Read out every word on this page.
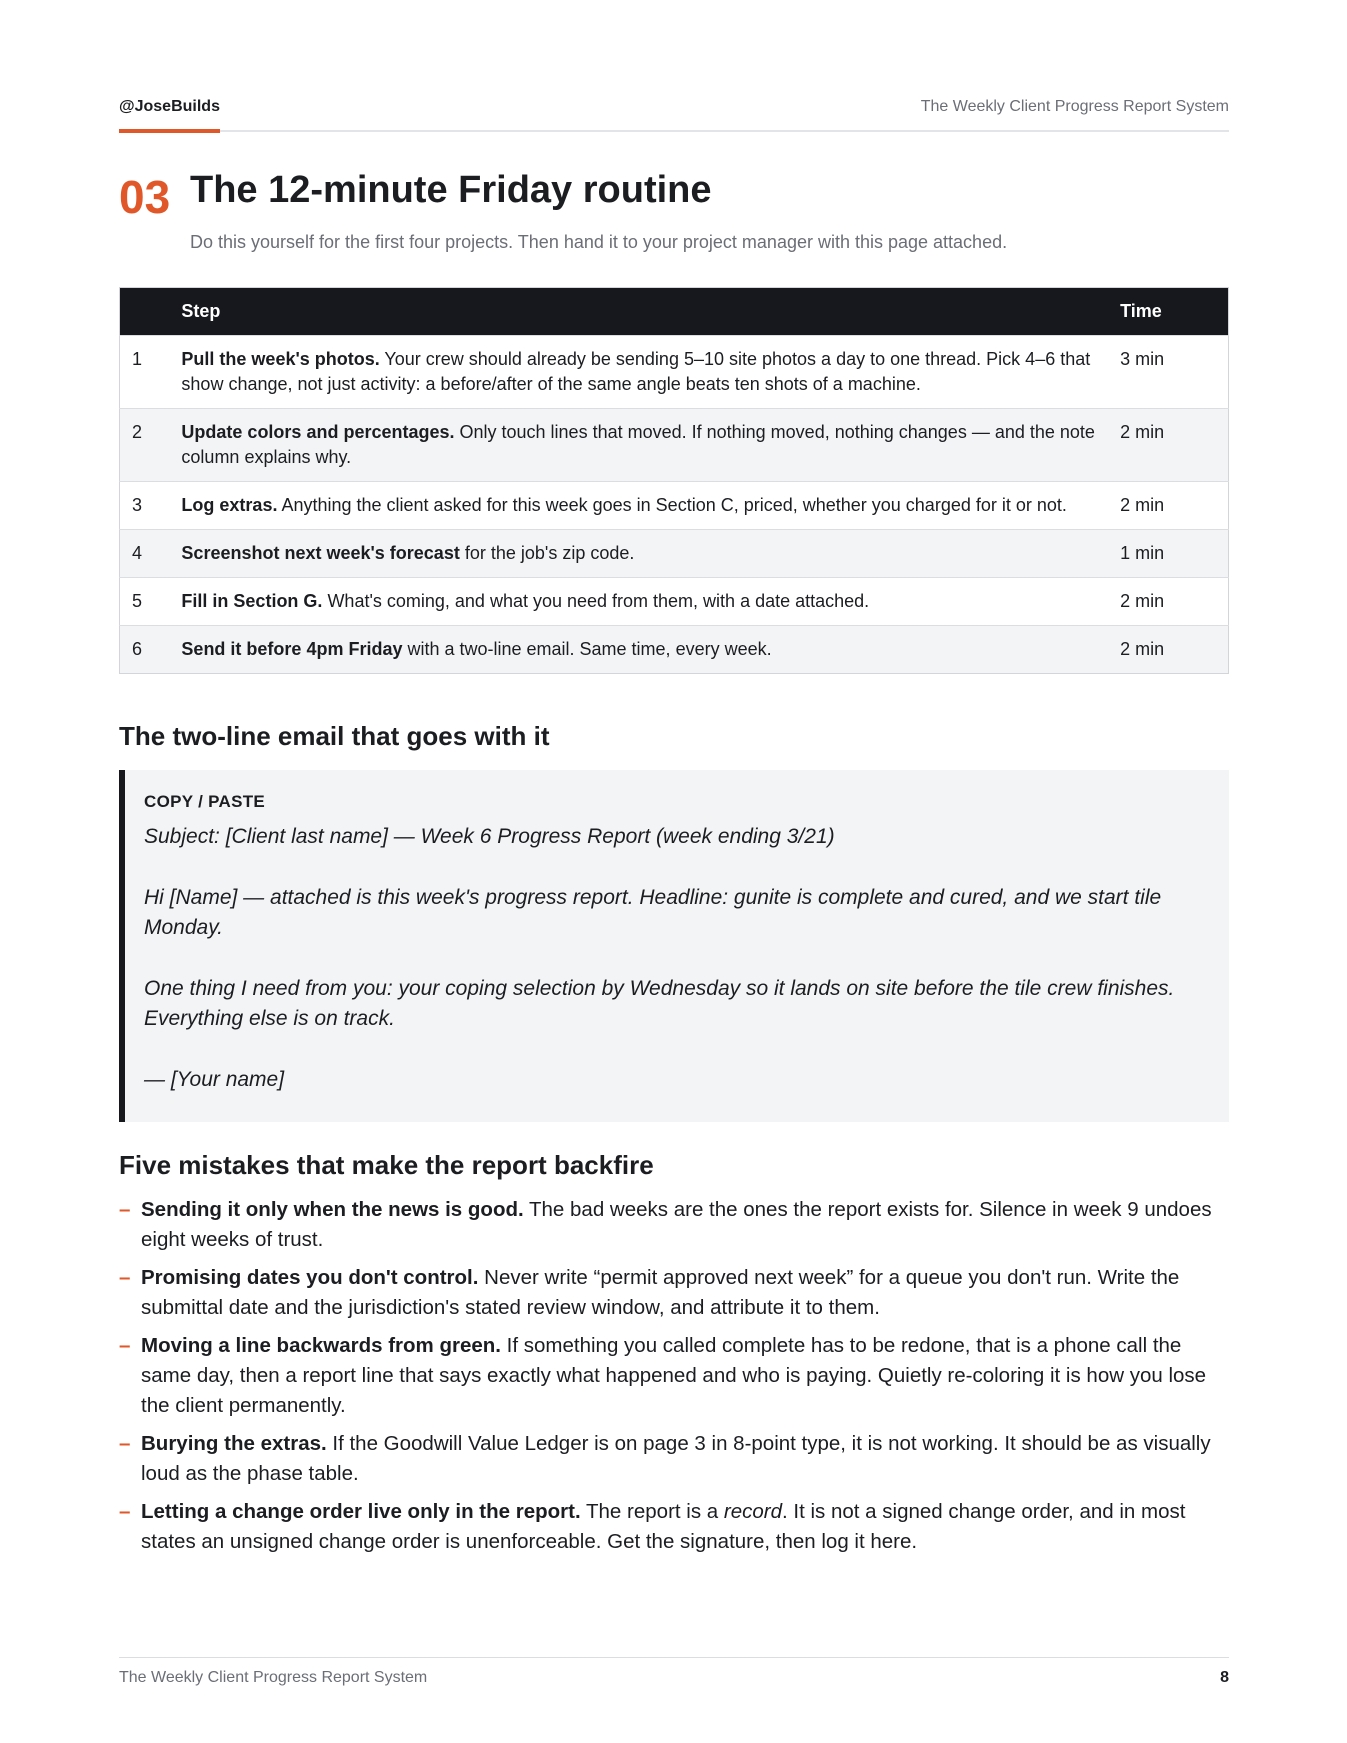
@JoseBuilds	The Weekly Client Progress Report System
03 The 12-minute Friday routine
Do this yourself for the first four projects. Then hand it to your project manager with this page attached.
	Step	Time
1	Pull the week's photos. Your crew should already be sending 5–10 site photos a day to one thread. Pick 4–6 that show change, not just activity: a before/after of the same angle beats ten shots of a machine.	3 min
2	Update colors and percentages. Only touch lines that moved. If nothing moved, nothing changes — and the note column explains why.	2 min
3	Log extras. Anything the client asked for this week goes in Section C, priced, whether you charged for it or not.	2 min
4	Screenshot next week's forecast for the job's zip code.	1 min
5	Fill in Section G. What's coming, and what you need from them, with a date attached.	2 min
6	Send it before 4pm Friday with a two-line email. Same time, every week.	2 min
The two-line email that goes with it
COPY / PASTE

Subject: [Client last name] — Week 6 Progress Report (week ending 3/21)

Hi [Name] — attached is this week's progress report. Headline: gunite is complete and cured, and we start tile Monday.

One thing I need from you: your coping selection by Wednesday so it lands on site before the tile crew finishes. Everything else is on track.

— [Your name]

Five mistakes that make the report backfire
– Sending it only when the news is good. The bad weeks are the ones the report exists for. Silence in week 9 undoes eight weeks of trust.
– Promising dates you don't control. Never write “permit approved next week” for a queue you don't run. Write the submittal date and the jurisdiction's stated review window, and attribute it to them.
– Moving a line backwards from green. If something you called complete has to be redone, that is a phone call the same day, then a report line that says exactly what happened and who is paying. Quietly re-coloring it is how you lose the client permanently.
– Burying the extras. If the Goodwill Value Ledger is on page 3 in 8-point type, it is not working. It should be as visually loud as the phase table.
– Letting a change order live only in the report. The report is a record. It is not a signed change order, and in most states an unsigned change order is unenforceable. Get the signature, then log it here.
The Weekly Client Progress Report System	8
